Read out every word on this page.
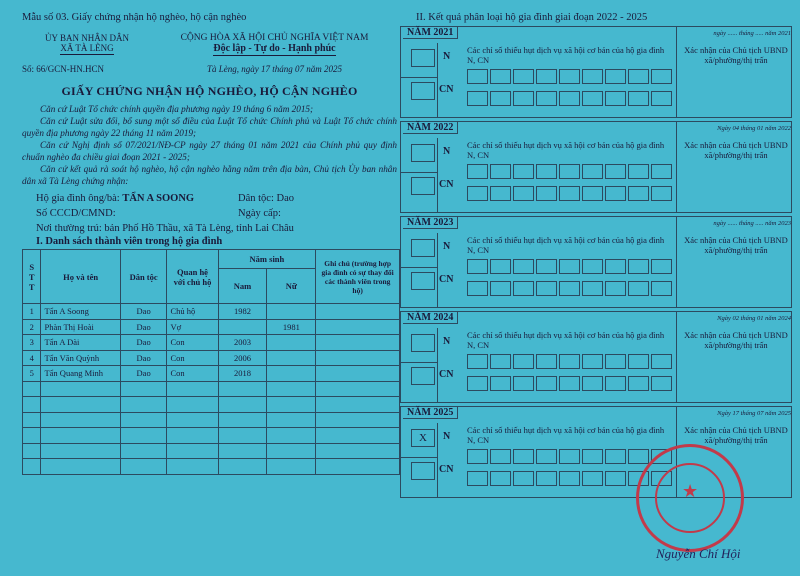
Mẫu số 03. Giấy chứng nhận hộ nghèo, hộ cận nghèo
ỦY BAN NHÂN DÂN
XÃ TÀ LÈNG
CỘNG HÒA XÃ HỘI CHỦ NGHĨA VIỆT NAM
Độc lập - Tự do - Hạnh phúc
Số: 66/GCN-HN.HCN	Tà Lèng, ngày 17 tháng 07 năm 2025
GIẤY CHỨNG NHẬN HỘ NGHÈO, HỘ CẬN NGHÈO

Căn cứ Luật Tổ chức chính quyền địa phương ngày 19 tháng 6 năm 2015;

Căn cứ Luật sửa đổi, bổ sung một số điều của Luật Tổ chức Chính phủ và Luật Tổ chức chính quyền địa phương ngày 22 tháng 11 năm 2019;

Căn cứ Nghị định số 07/2021/NĐ-CP ngày 27 tháng 01 năm 2021 của Chính phủ quy định chuẩn nghèo đa chiều giai đoạn 2021 - 2025;

Căn cứ kết quả rà soát hộ nghèo, hộ cận nghèo hằng năm trên địa bàn, Chủ tịch Ủy ban nhân dân xã Tà Lèng chứng nhận:

Hộ gia đình ông/bà: TẨN A SOONG	Dân tộc: Dao
Số CCCD/CMND:	Ngày cấp:
Nơi thường trú: bản Phố Hồ Thầu, xã Tà Lèng, tỉnh Lai Châu
I. Danh sách thành viên trong hộ gia đình
S T T	Họ và tên	Dân tộc	Quan hệ với chủ hộ	Năm sinh		Ghi chú (trường hợp gia đình có sự thay đổi các thành viên trong hộ)
				Nam	Nữ	
1	Tẩn A Soong	Dao	Chủ hộ	1982		
2	Phàn Thị Hoài	Dao	Vợ		1981	
3	Tẩn A Dài	Dao	Con	2003		
4	Tẩn Văn Quỳnh	Dao	Con	2006		
5	Tẩn Quang Minh	Dao	Con	2018		

II. Kết quả phân loại hộ gia đình giai đoạn 2022 - 2025
NĂM 2021
N
Các chỉ số thiếu hụt dịch vụ xã hội cơ bản của hộ gia đình N, CN
CN
ngày ...... tháng ..... năm 2021
Xác nhận của Chủ tịch UBND xã/phường/thị trấn
NĂM 2022
N
Các chỉ số thiếu hụt dịch vụ xã hội cơ bản của hộ gia đình N, CN
CN
Ngày 04 tháng 01 năm 2022
Xác nhận của Chủ tịch UBND xã/phường/thị trấn
NĂM 2023
N
Các chỉ số thiếu hụt dịch vụ xã hội cơ bản của hộ gia đình N, CN
CN
ngày ...... tháng ..... năm 2023
Xác nhận của Chủ tịch UBND xã/phường/thị trấn
NĂM 2024
N
Các chỉ số thiếu hụt dịch vụ xã hội cơ bản của hộ gia đình N, CN
CN
Ngày 02 tháng 01 năm 2024
Xác nhận của Chủ tịch UBND xã/phường/thị trấn
NĂM 2025
X	N
Các chỉ số thiếu hụt dịch vụ xã hội cơ bản của hộ gia đình N, CN
CN
Ngày 17 tháng 07 năm 2025
Xác nhận của Chủ tịch UBND xã/phường/thị trấn
★
Nguyễn Chí Hội
